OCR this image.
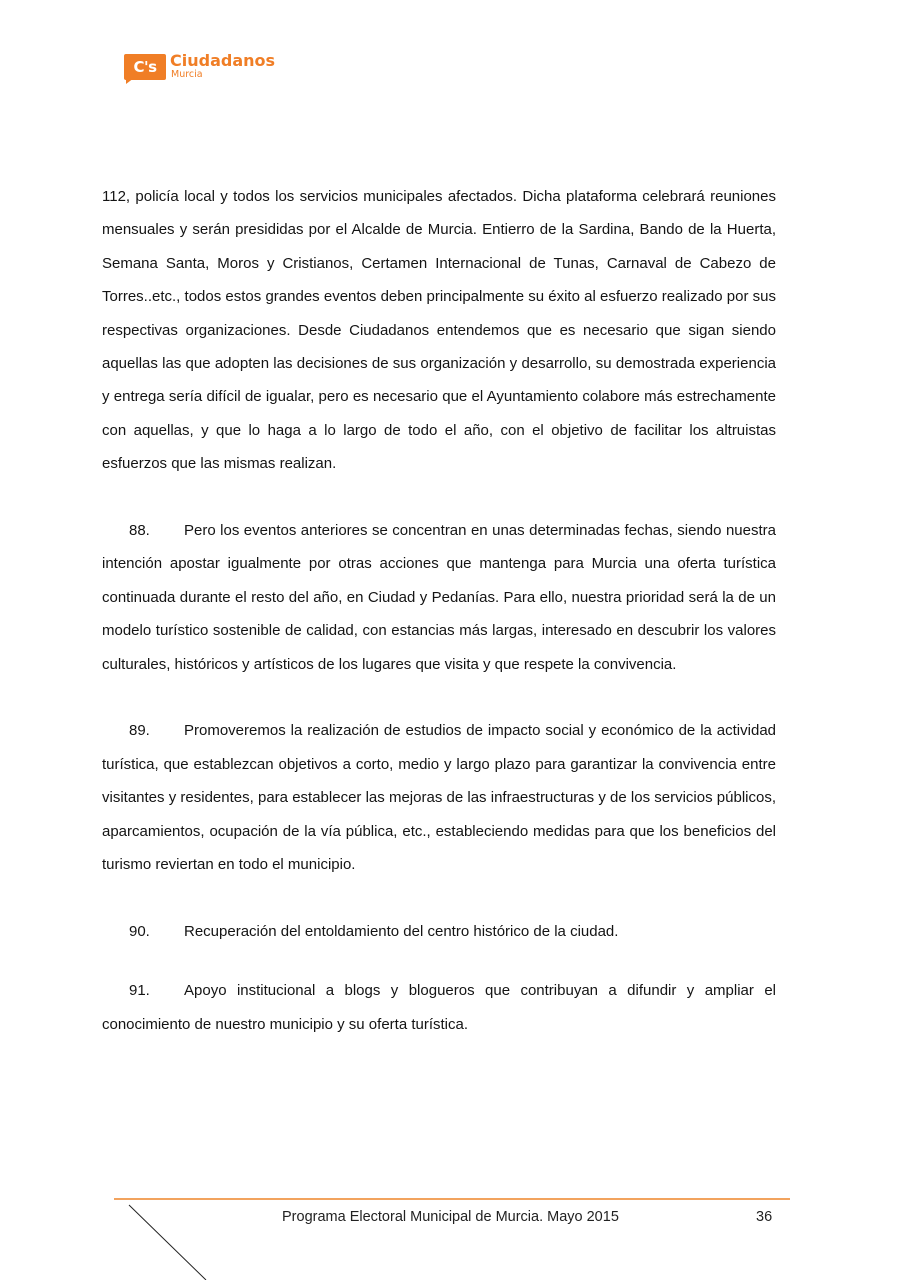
C's Ciudadanos
Murcia

112, policía local y todos los servicios municipales afectados. Dicha plataforma celebrará reuniones mensuales y serán presididas por el Alcalde de Murcia. Entierro de la Sardina, Bando de la Huerta, Semana Santa, Moros y Cristianos, Certamen Internacional de Tunas, Carnaval de Cabezo de Torres..etc., todos estos grandes eventos deben principalmente su éxito al esfuerzo realizado por sus respectivas organizaciones. Desde Ciudadanos entendemos que es necesario que sigan siendo aquellas las que adopten las decisiones de sus organización y desarrollo, su demostrada experiencia y entrega sería difícil de igualar, pero es necesario que el Ayuntamiento colabore más estrechamente con aquellas, y que lo haga a lo largo de todo el año, con el objetivo de facilitar los altruistas esfuerzos que las mismas realizan.

88. Pero los eventos anteriores se concentran en unas determinadas fechas, siendo nuestra intención apostar igualmente por otras acciones que mantenga para Murcia una oferta turística continuada durante el resto del año, en Ciudad y Pedanías. Para ello, nuestra prioridad será la de un modelo turístico sostenible de calidad, con estancias más largas, interesado en descubrir los valores culturales, históricos y artísticos de los lugares que visita y que respete la convivencia.

89. Promoveremos la realización de estudios de impacto social y económico de la actividad turística, que establezcan objetivos a corto, medio y largo plazo para garantizar la convivencia entre visitantes y residentes, para establecer las mejoras de las infraestructuras y de los servicios públicos, aparcamientos, ocupación de la vía pública, etc., estableciendo medidas para que los beneficios del turismo reviertan en todo el municipio.

90. Recuperación del entoldamiento del centro histórico de la ciudad.

91. Apoyo institucional a blogs y blogueros que contribuyan a difundir y ampliar el conocimiento de nuestro municipio y su oferta turística.

Programa Electoral Municipal de Murcia. Mayo 2015	36
